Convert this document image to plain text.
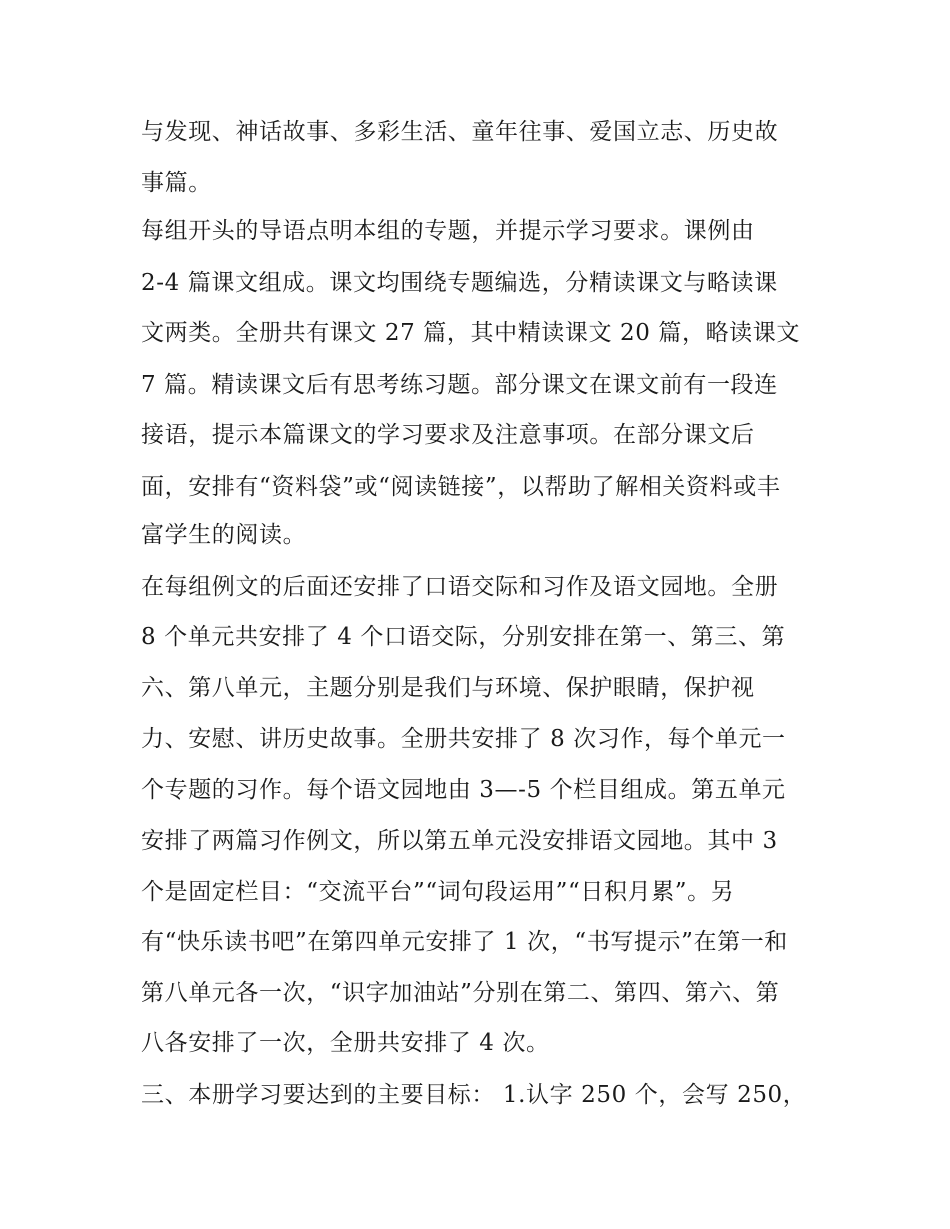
与发现、神话故事、多彩生活、童年往事、爱国立志、历史故
事篇。
每组开头的导语点明本组的专题，并提示学习要求。课例由
2-4 篇课文组成。课文均围绕专题编选，分精读课文与略读课
文两类。全册共有课文 27 篇，其中精读课文 20 篇，略读课文
7 篇。精读课文后有思考练习题。部分课文在课文前有一段连
接语，提示本篇课文的学习要求及注意事项。在部分课文后
面，安排有“资料袋”或“阅读链接”，以帮助了解相关资料或丰
富学生的阅读。
在每组例文的后面还安排了口语交际和习作及语文园地。全册
8 个单元共安排了 4 个口语交际，分别安排在第一、第三、第
六、第八单元，主题分别是我们与环境、保护眼睛，保护视
力、安慰、讲历史故事。全册共安排了 8 次习作，每个单元一
个专题的习作。每个语文园地由 3—-5 个栏目组成。第五单元
安排了两篇习作例文，所以第五单元没安排语文园地。其中 3
个是固定栏目：“交流平台”“词句段运用”“日积月累”。另
有“快乐读书吧”在第四单元安排了 1 次，“书写提示”在第一和
第八单元各一次，“识字加油站”分别在第二、第四、第六、第
八各安排了一次，全册共安排了 4 次。
三、本册学习要达到的主要目标： 1.认字 250 个，会写 250，
